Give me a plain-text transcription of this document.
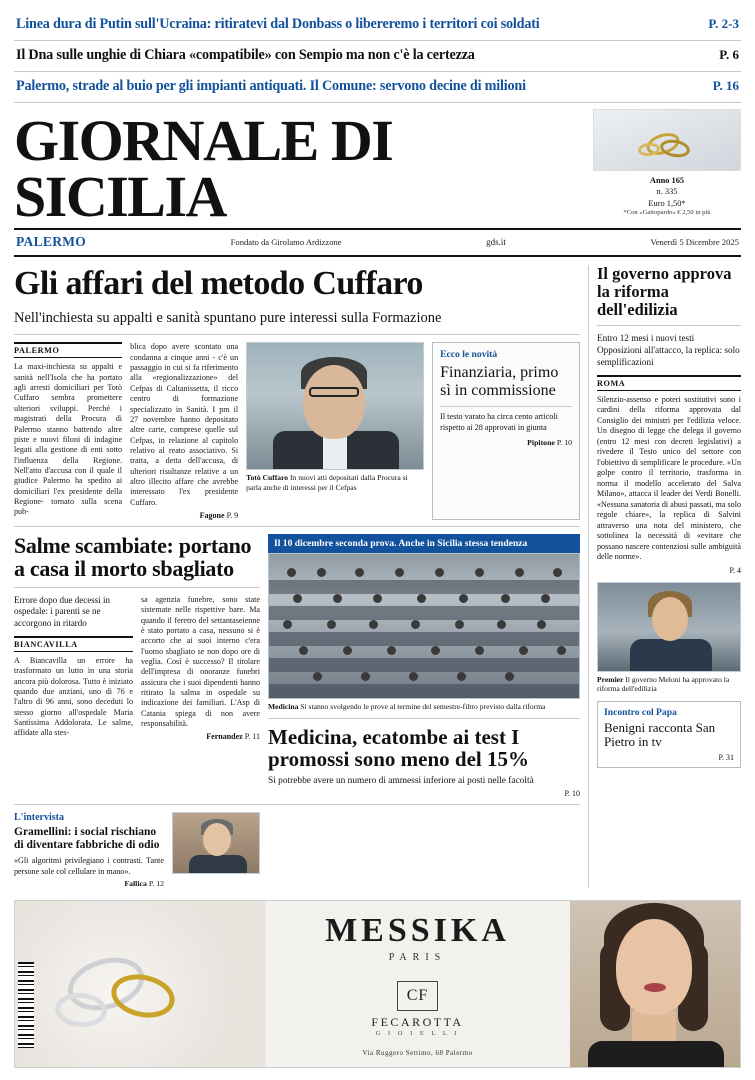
Linea dura di Putin sull'Ucraina: ritiratevi dal Donbass o libereremo i territori coi soldati	P. 2-3
Il Dna sulle unghie di Chiara «compatibile» con Sempio ma non c'è la certezza	P. 6
Palermo, strade al buio per gli impianti antiquati. Il Comune: servono decine di milioni	P. 16
GIORNALE DI SICILIA	Anno 165
n. 335
Euro 1,50*
*Con «Gattopardo» € 2,50 in più
PALERMO	Fondato da Girolamo Ardizzone	gds.it	Venerdì 5 Dicembre 2025
Gli affari del metodo Cuffaro
Nell'inchiesta su appalti e sanità spuntano pure interessi sulla Formazione
PALERMO
La maxi-inchiesta su appalti e sanità nell'Isola che ha portato agli arresti domiciliari per Totò Cuffaro sembra promettere ulteriori sviluppi. Perché i magistrati della Procura di Palermo stanno battendo altre piste e nuovi filoni di indagine legati alla gestione di enti sotto l'influenza della Regione. Nell'atto d'accusa con il quale il giudice Palermo ha spedito ai domiciliari l'ex presidente della Regione- tornato sulla scena pub-
blica dopo avere scontato una condanna a cinque anni - c'è un passaggio in cui si fa riferimento alla «regionalizzazione» del Cefpas di Caltanissetta, il ricco centro di formazione specializzato in Sanità. I pm il 27 novembre hanno depositato altre carte, comprese quelle sul Cefpas, in relazione al capitolo relativo al reato associativo. Si tratta, a detta dell'accusa, di ulteriori risultanze relative a un altro illecito affare che avrebbe interessato l'ex presidente Cuffaro.
Fagone P. 9
Totò Cuffaro In nuovi atti depositati dalla Procura si parla anche di interessi per il Cefpas
Ecco le novità
Finanziaria, primo sì in commissione
Il testo varato ha circa cento articoli rispetto ai 28 approvati in giunta
Pipitone P. 10
Salme scambiate: portano a casa il morto sbagliato
Errore dopo due decessi in ospedale: i parenti se ne accorgono in ritardo
BIANCAVILLA
A Biancavilla un errore ha trasformato un lutto in una storia ancora più dolorosa. Tutto è iniziato quando due anziani, uno di 76 e l'altro di 96 anni, sono deceduti lo stesso giorno all'ospedale Maria Santissima Addolorata. Le salme, affidate alla stes-
sa agenzia funebre, sono state sistemate nelle rispettive bare. Ma quando il feretro del settantaseienne è stato portato a casa, nessuno si è accorto che ai suoi interno c'era l'uomo sbagliato se non dopo ore di veglia. Così è successo? Il titolare dell'impresa di onoranze funebri assicura che i suoi dipendenti hanno ritirato la salma in ospedale su indicazione dei familiari. L'Asp di Catania spiega di non avere responsabilità.
Fernandez P. 11
Il 10 dicembre seconda prova. Anche in Sicilia stessa tendenza
Medicina Si stanno svolgendo le prove al termine del semestre-filtro previsto dalla riforma
Medicina, ecatombe ai test I promossi sono meno del 15%
Si potrebbe avere un numero di ammessi inferiore ai posti nelle facoltà
P. 10
L'intervista
Gramellini: i social rischiano di diventare fabbriche di odio
«Gli algoritmi privilegiano i contrasti. Tante persone sole col cellulare in mano».
Fallica P. 12
Il governo approva la riforma dell'edilizia
Entro 12 mesi i nuovi testi Opposizioni all'attacco, la replica: solo semplificazioni
ROMA
Silenzio-assenso e poteri sostitutivi sono i cardini della riforma approvata dal Consiglio dei ministri per l'edilizia veloce. Un disegno di legge che delega il governo (entro 12 mesi con decreti legislativi) a rivedere il Testo unico del settore con l'obiettivo di semplificare le procedure. «Un golpe contro il territorio, trasforma in norma il modello accelerato del Salva Milano», attacca il leader dei Verdi Bonelli. «Nessuna sanatoria di abusi passati, ma solo regole chiare», la replica di Salvini attraverso una nota del ministero, che sottolinea la necessità di «evitare che possano nascere contenziosi sulle ambiguità delle norme».
P. 4
Premier Il governo Meloni ha approvato la riforma dell'edilizia
Incontro col Papa
Benigni racconta San Pietro in tv
P. 31
MESSIKA
PARIS
CF
FECAROTTA
G I O I E L L I
Via Ruggero Settimo, 68 Palermo
